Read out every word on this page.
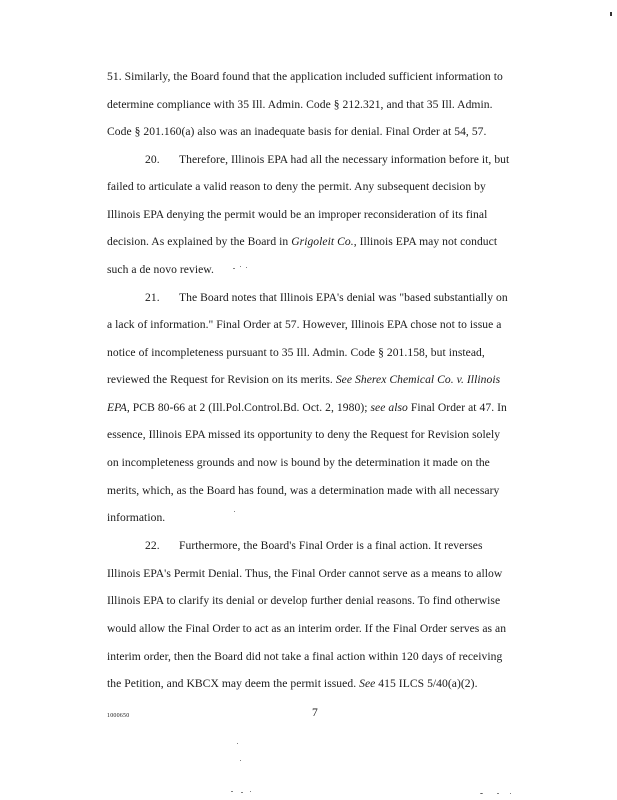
51. Similarly, the Board found that the application included sufficient information to
determine compliance with 35 Ill. Admin. Code § 212.321, and that 35 Ill. Admin.
Code § 201.160(a) also was an inadequate basis for denial. Final Order at 54, 57.
20. Therefore, Illinois EPA had all the necessary information before it, but
failed to articulate a valid reason to deny the permit. Any subsequent decision by
Illinois EPA denying the permit would be an improper reconsideration of its final
decision. As explained by the Board in Grigoleit Co., Illinois EPA may not conduct
such a de novo review.
21. The Board notes that Illinois EPA's denial was "based substantially on
a lack of information." Final Order at 57. However, Illinois EPA chose not to issue a
notice of incompleteness pursuant to 35 Ill. Admin. Code § 201.158, but instead,
reviewed the Request for Revision on its merits. See Sherex Chemical Co. v. Illinois
EPA, PCB 80-66 at 2 (Ill.Pol.Control.Bd. Oct. 2, 1980); see also Final Order at 47. In
essence, Illinois EPA missed its opportunity to deny the Request for Revision solely
on incompleteness grounds and now is bound by the determination it made on the
merits, which, as the Board has found, was a determination made with all necessary
information.
22. Furthermore, the Board's Final Order is a final action. It reverses
Illinois EPA's Permit Denial. Thus, the Final Order cannot serve as a means to allow
Illinois EPA to clarify its denial or develop further denial reasons. To find otherwise
would allow the Final Order to act as an interim order. If the Final Order serves as an
interim order, then the Board did not take a final action within 120 days of receiving
the Petition, and KBCX may deem the permit issued. See 415 ILCS 5/40(a)(2).
7
1000650
